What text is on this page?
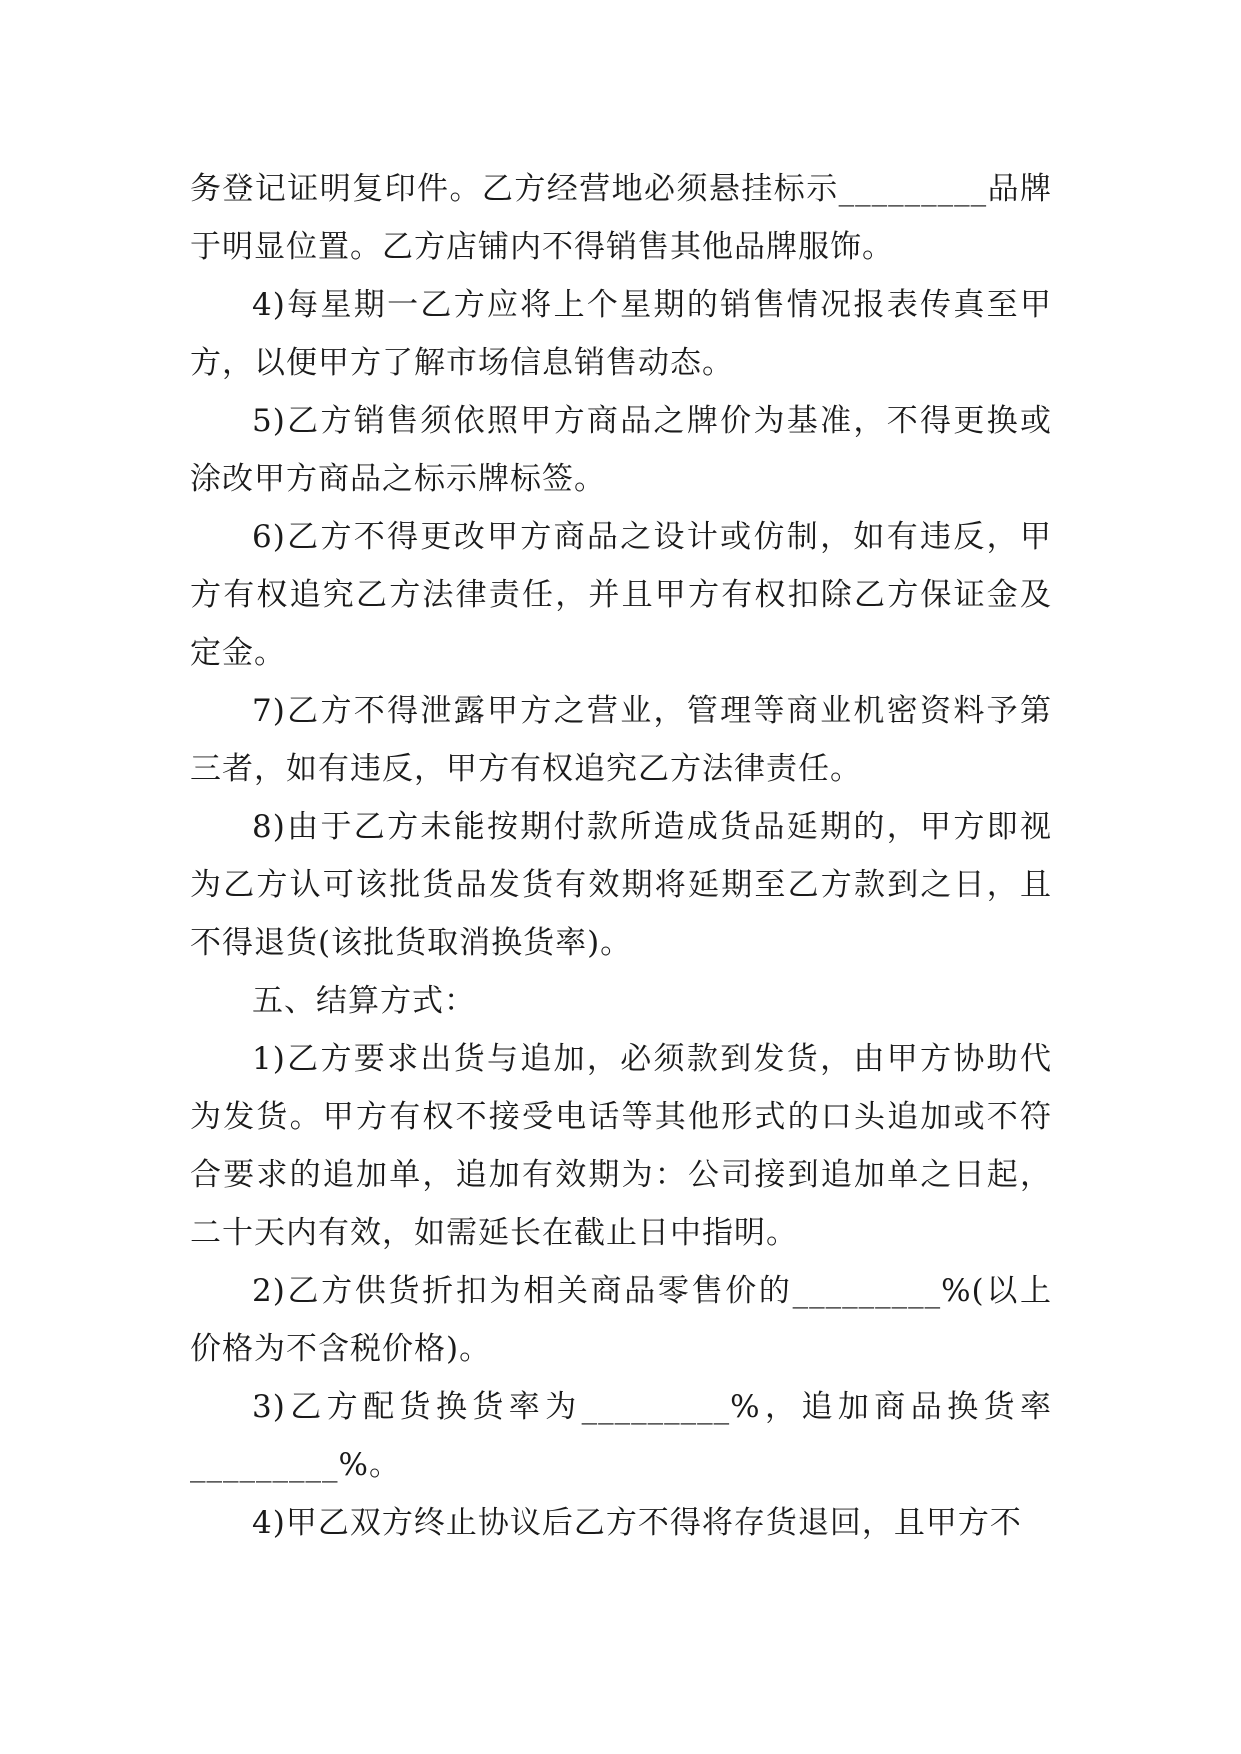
务登记证明复印件。乙方经营地必须悬挂标示_________品牌于明显位置。乙方店铺内不得销售其他品牌服饰。

4)每星期一乙方应将上个星期的销售情况报表传真至甲方，以便甲方了解市场信息销售动态。

5)乙方销售须依照甲方商品之牌价为基准，不得更换或涂改甲方商品之标示牌标签。

6)乙方不得更改甲方商品之设计或仿制，如有违反，甲方有权追究乙方法律责任，并且甲方有权扣除乙方保证金及定金。

7)乙方不得泄露甲方之营业，管理等商业机密资料予第三者，如有违反，甲方有权追究乙方法律责任。

8)由于乙方未能按期付款所造成货品延期的，甲方即视为乙方认可该批货品发货有效期将延期至乙方款到之日，且不得退货(该批货取消换货率)。

五、结算方式：

1)乙方要求出货与追加，必须款到发货，由甲方协助代为发货。甲方有权不接受电话等其他形式的口头追加或不符合要求的追加单，追加有效期为：公司接到追加单之日起，二十天内有效，如需延长在截止日中指明。

2)乙方供货折扣为相关商品零售价的_________%(以上价格为不含税价格)。

3)乙方配货换货率为_________%，追加商品换货率_________%。

4)甲乙双方终止协议后乙方不得将存货退回，且甲方不
